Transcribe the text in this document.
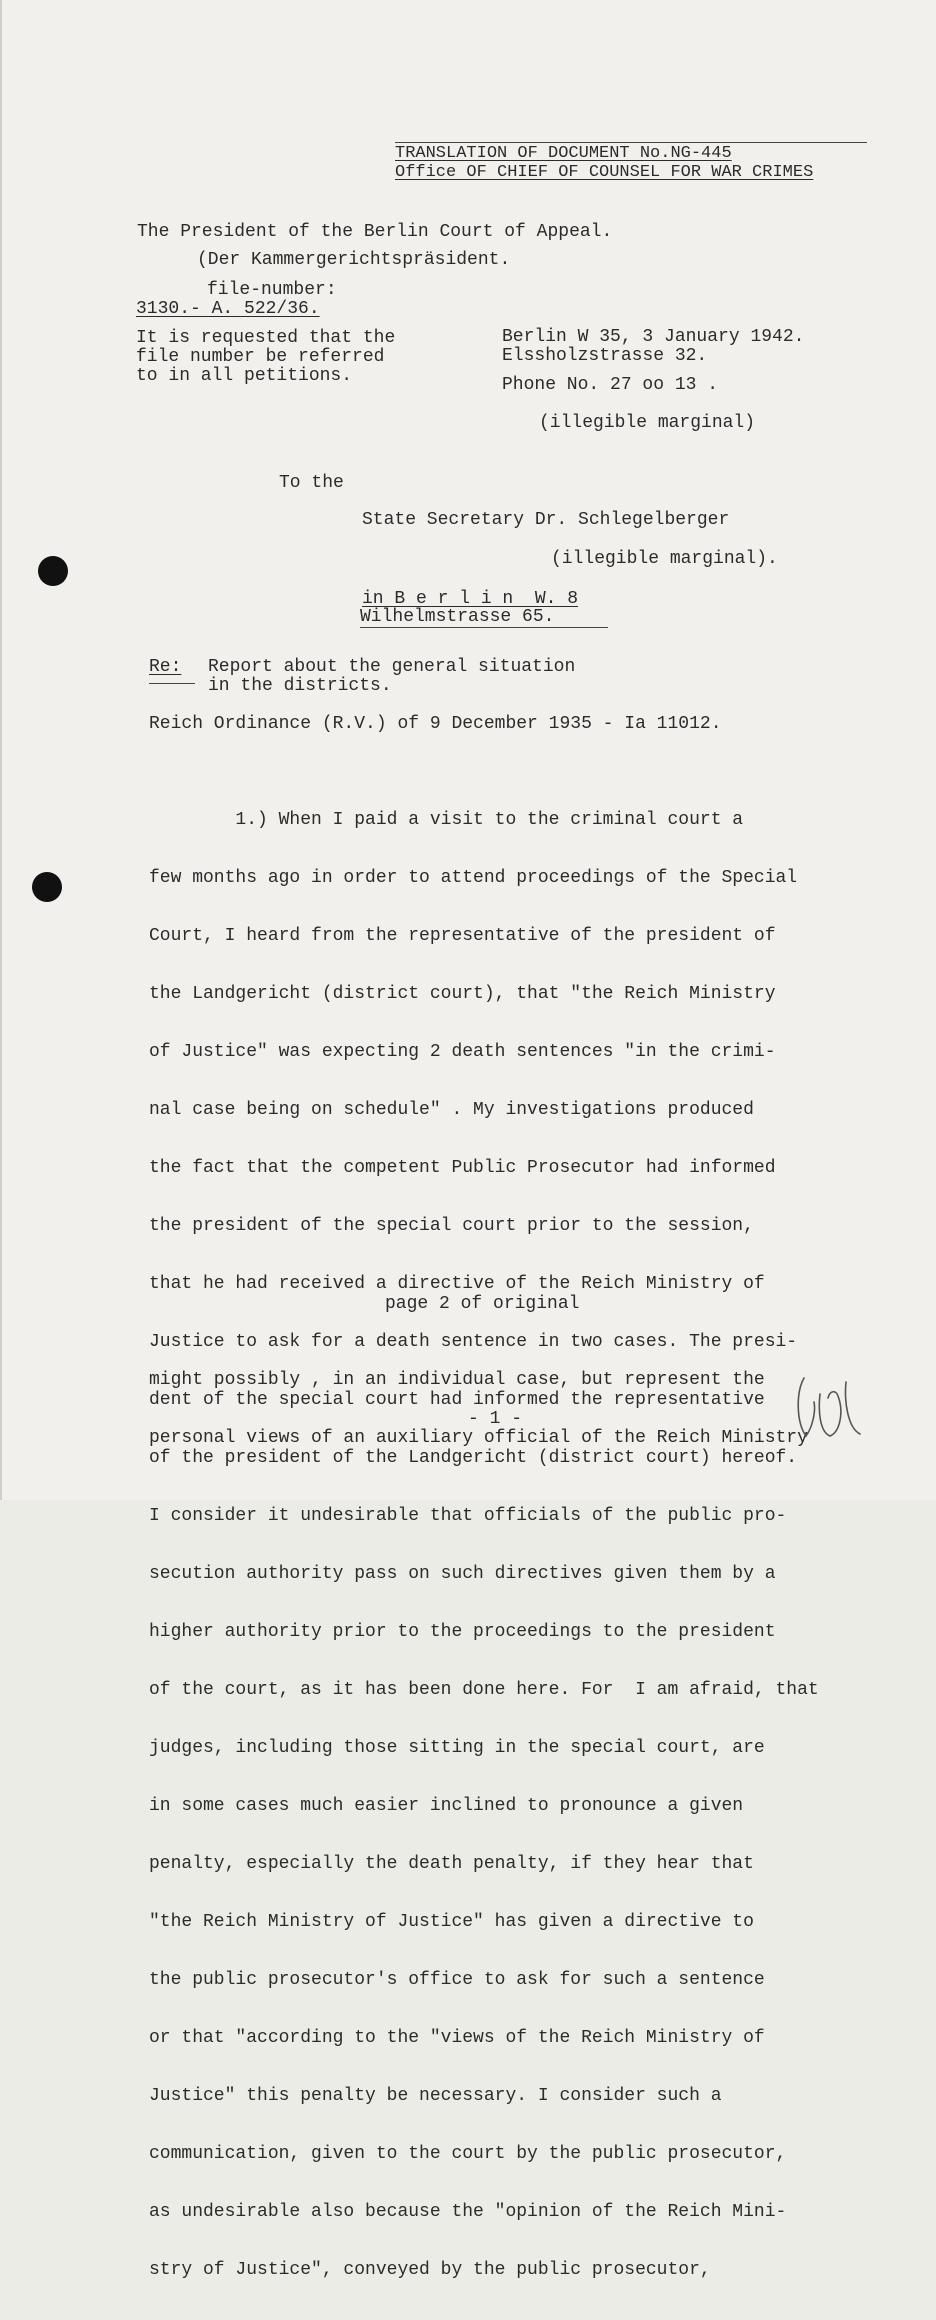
TRANSLATION OF DOCUMENT No.NG-445
Office OF CHIEF OF COUNSEL FOR WAR CRIMES
The President of the Berlin Court of Appeal.
(Der Kammergerichtspräsident.
file-number:
3130.- A. 522/36.
It is requested that the
file number be referred
to in all petitions.
Berlin W 35, 3 January 1942.
Elssholzstrasse 32.
Phone No. 27 oo 13 .
(illegible marginal)
To the
State Secretary Dr. Schlegelberger
(illegible marginal).
in B e r l i n  W. 8
Wilhelmstrasse 65.
Re: Report about the general situation
in the districts.
Reich Ordinance (R.V.) of 9 December 1935 - Ia 11012.

1.) When I paid a visit to the criminal court a

few months ago in order to attend proceedings of the Special

Court, I heard from the representative of the president of

the Landgericht (district court), that "the Reich Ministry

of Justice" was expecting 2 death sentences "in the crimi-

nal case being on schedule" . My investigations produced

the fact that the competent Public Prosecutor had informed

the president of the special court prior to the session,

that he had received a directive of the Reich Ministry of

Justice to ask for a death sentence in two cases. The presi-

dent of the special court had informed the representative

of the president of the Landgericht (district court) hereof.

I consider it undesirable that officials of the public pro-

secution authority pass on such directives given them by a

higher authority prior to the proceedings to the president

of the court, as it has been done here. For  I am afraid, that

judges, including those sitting in the special court, are

in some cases much easier inclined to pronounce a given

penalty, especially the death penalty, if they hear that

"the Reich Ministry of Justice" has given a directive to

the public prosecutor's office to ask for such a sentence

or that "according to the "views of the Reich Ministry of

Justice" this penalty be necessary. I consider such a

communication, given to the court by the public prosecutor,

as undesirable also because the "opinion of the Reich Mini-

stry of Justice", conveyed by the public prosecutor,

page 2 of original

might possibly , in an individual case, but represent the

personal views of an auxiliary official of the Reich Ministry

- 1 -
